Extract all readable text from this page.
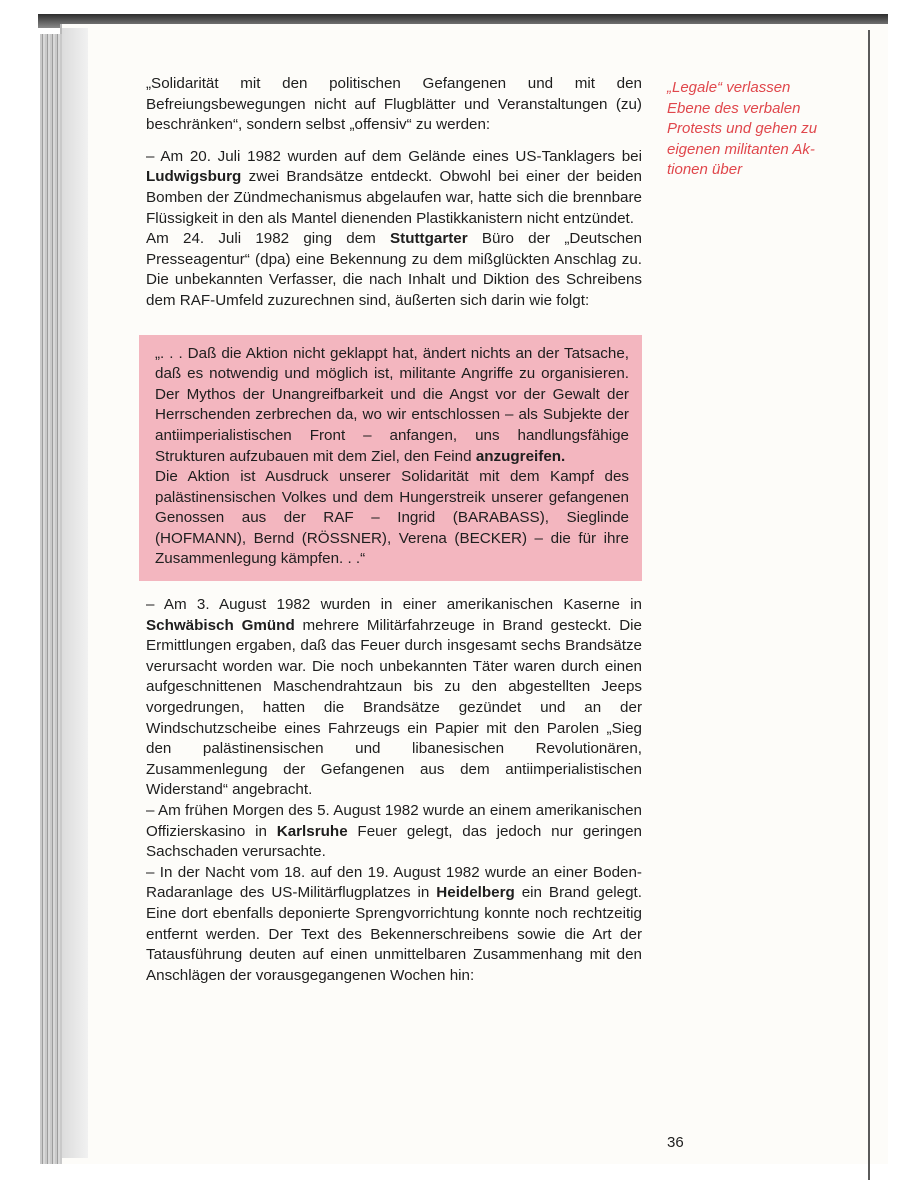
„Solidarität mit den politischen Gefangenen und mit den Befreiungsbewegungen nicht auf Flugblätter und Veranstaltungen (zu) beschränken“, sondern selbst „offensiv“ zu werden:

– Am 20. Juli 1982 wurden auf dem Gelände eines US-Tanklagers bei Ludwigsburg zwei Brandsätze entdeckt. Obwohl bei einer der beiden Bomben der Zündmechanismus abgelaufen war, hatte sich die brennbare Flüssigkeit in den als Mantel dienenden Plastikkanistern nicht entzündet.

Am 24. Juli 1982 ging dem Stuttgarter Büro der „Deutschen Presseagentur“ (dpa) eine Bekennung zu dem mißglückten Anschlag zu. Die unbekannten Verfasser, die nach Inhalt und Diktion des Schreibens dem RAF-Umfeld zuzurechnen sind, äußerten sich darin wie folgt:

„. . . Daß die Aktion nicht geklappt hat, ändert nichts an der Tatsache, daß es notwendig und möglich ist, militante Angriffe zu organisieren. Der Mythos der Unangreifbarkeit und die Angst vor der Gewalt der Herrschenden zerbrechen da, wo wir entschlossen – als Subjekte der antiimperialistischen Front – anfangen, uns handlungsfähige Strukturen aufzubauen mit dem Ziel, den Feind anzugreifen.

Die Aktion ist Ausdruck unserer Solidarität mit dem Kampf des palästinensischen Volkes und dem Hungerstreik unserer gefangenen Genossen aus der RAF – Ingrid (BARABASS), Sieglinde (HOFMANN), Bernd (RÖSSNER), Verena (BECKER) – die für ihre Zusammenlegung kämpfen. . .“

– Am 3. August 1982 wurden in einer amerikanischen Kaserne in Schwäbisch Gmünd mehrere Militärfahrzeuge in Brand gesteckt. Die Ermittlungen ergaben, daß das Feuer durch insgesamt sechs Brandsätze verursacht worden war. Die noch unbekannten Täter waren durch einen aufgeschnittenen Maschendrahtzaun bis zu den abgestellten Jeeps vorgedrungen, hatten die Brandsätze gezündet und an der Windschutzscheibe eines Fahrzeugs ein Papier mit den Parolen „Sieg den palästinensischen und libanesischen Revolutionären, Zusammenlegung der Gefangenen aus dem antiimperialistischen Widerstand“ angebracht.

– Am frühen Morgen des 5. August 1982 wurde an einem amerikanischen Offizierskasino in Karlsruhe Feuer gelegt, das jedoch nur geringen Sachschaden verursachte.

– In der Nacht vom 18. auf den 19. August 1982 wurde an einer Boden-Radaranlage des US-Militärflugplatzes in Heidelberg ein Brand gelegt. Eine dort ebenfalls deponierte Sprengvorrichtung konnte noch rechtzeitig entfernt werden. Der Text des Bekennerschreibens sowie die Art der Tatausführung deuten auf einen unmittelbaren Zusammenhang mit den Anschlägen der vorausgegangenen Wochen hin:

„Legale“ verlassen
Ebene des verbalen
Protests und gehen zu
eigenen militanten Ak-
tionen über
36
